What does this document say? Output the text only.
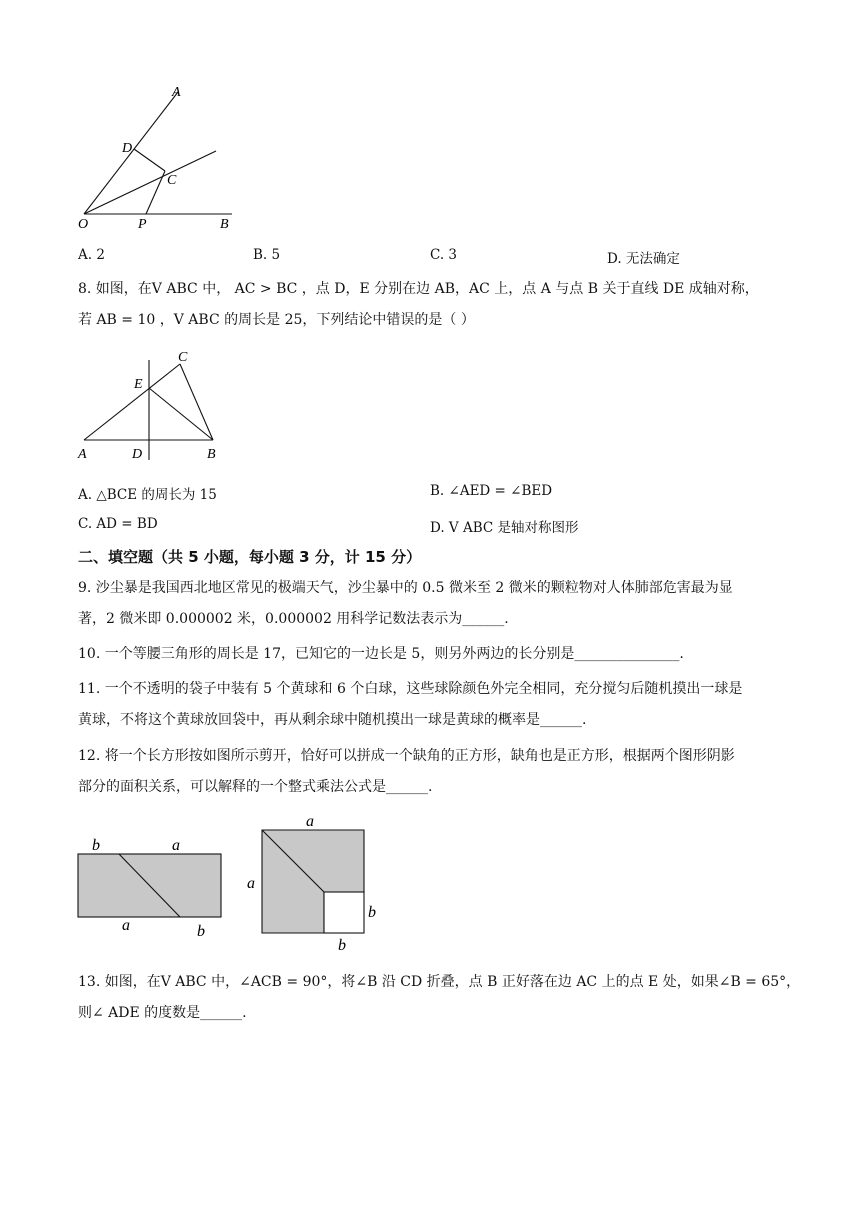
A
D
C
O	P	B
A. 2	B. 5	C. 3	D. 无法确定
8. 如图，在V ABC 中， AC > BC ，点 D，E 分别在边 AB，AC 上，点 A 与点 B 关于直线 DE 成轴对称，
若 AB = 10 ，V ABC 的周长是 25，下列结论中错误的是（ ）
C
E
A	D	B
A. △BCE 的周长为 15	B. ∠AED = ∠BED
C. AD = BD	D. V ABC 是轴对称图形
二、填空题（共 5 小题，每小题 3 分，计 15 分）
9. 沙尘暴是我国西北地区常见的极端天气，沙尘暴中的 0.5 微米至 2 微米的颗粒物对人体肺部危害最为显
著，2 微米即 0.000002 米，0.000002 用科学记数法表示为______.
10. 一个等腰三角形的周长是 17，已知它的一边长是 5，则另外两边的长分别是_______________.
11. 一个不透明的袋子中装有 5 个黄球和 6 个白球，这些球除颜色外完全相同，充分搅匀后随机摸出一球是
黄球，不将这个黄球放回袋中，再从剩余球中随机摸出一球是黄球的概率是______.
12. 将一个长方形按如图所示剪开，恰好可以拼成一个缺角的正方形，缺角也是正方形，根据两个图形阴影
部分的面积关系，可以解释的一个整式乘法公式是______.
b	a
a	b
a
a
b
b
13. 如图，在V ABC 中，∠ACB = 90°，将∠B 沿 CD 折叠，点 B 正好落在边 AC 上的点 E 处，如果∠B = 65°，
则∠ ADE 的度数是______.
